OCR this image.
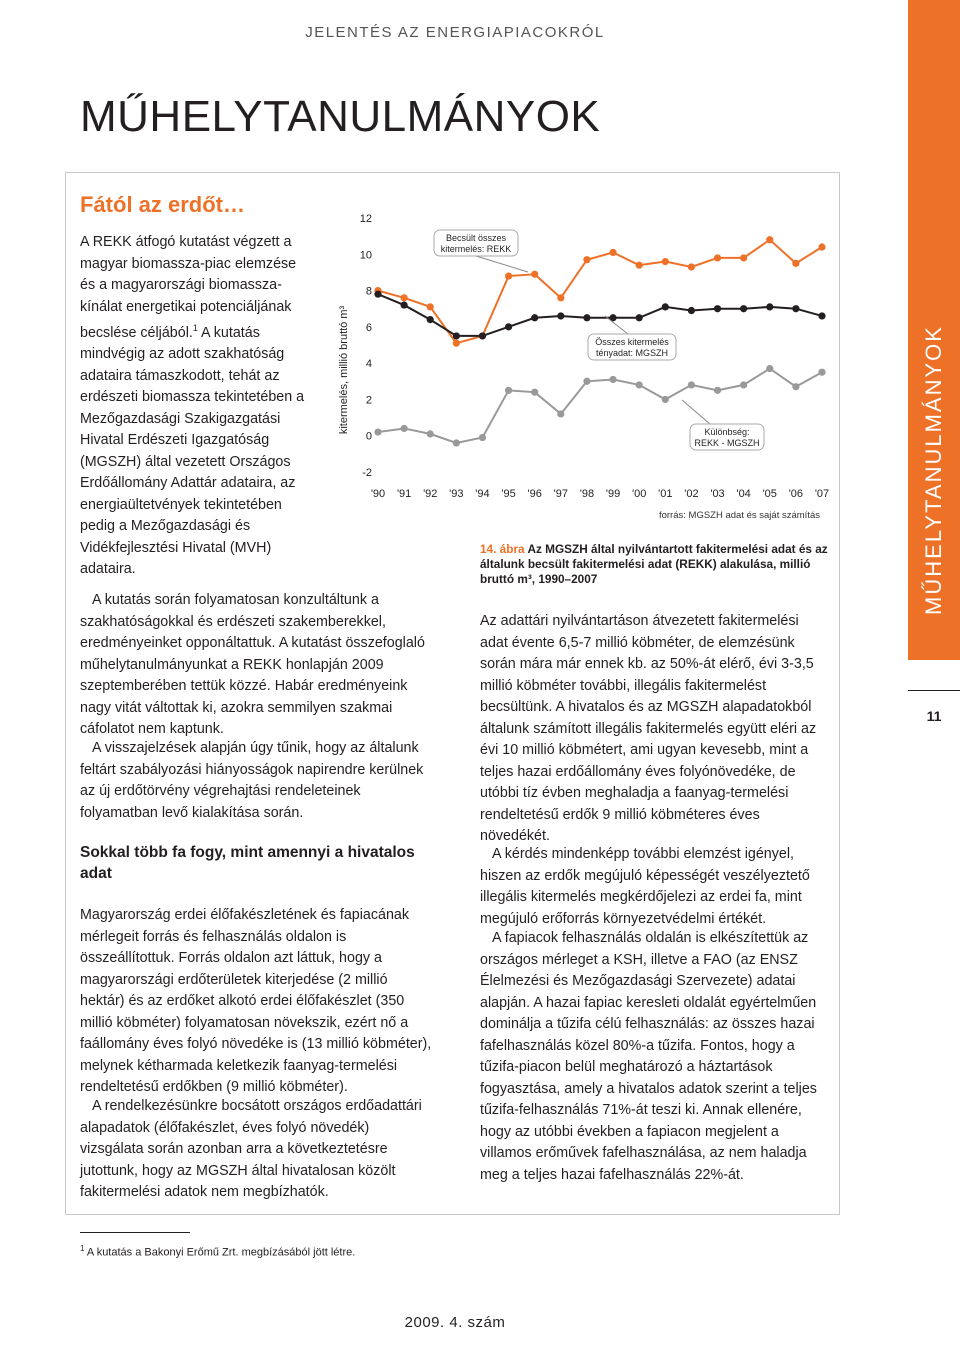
JELENTÉS AZ ENERGIAPIACOKRÓL
MŰHELYTANULMÁNYOK
11
MŰHELYTANULMÁNYOK
Fától az erdőt…

A REKK átfogó kutatást végzett a magyar biomassza-piac elemzése és a magyarországi biomassza-kínálat energetikai potenciáljának becslése céljából.$^1$ A kutatás mindvégig az adott szakhatóság adataira támaszkodott, tehát az erdészeti biomassza tekintetében a Mezőgazdasági Szakigazgatási Hivatal Erdészeti Igazgatóság (MGSZH) által vezetett Országos Erdőállomány Adattár adataira, az energiaültetvények tekintetében pedig a Mezőgazdasági és Vidékfejlesztési Hivatal (MVH) adataira.

A kutatás során folyamatosan konzultáltunk a szakhatóságokkal és erdészeti szakemberekkel, eredményeinket opponáltattuk. A kutatást összefoglaló műhelytanulmányunkat a REKK honlapján 2009 szeptemberében tettük közzé. Habár eredményeink nagy vitát váltottak ki, azokra semmilyen szakmai cáfolatot nem kaptunk.

A visszajelzések alapján úgy tűnik, hogy az általunk feltárt szabályozási hiányosságok napirendre kerülnek az új erdőtörvény végrehajtási rendeleteinek folyamatban levő kialakítása során.

Sokkal több fa fogy, mint amennyi a hivatalos adat

Magyarország erdei élőfakészletének és fapiacának mérlegeit forrás és felhasználás oldalon is összeállítottuk. Forrás oldalon azt láttuk, hogy a magyarországi erdőterületek kiterjedése (2 millió hektár) és az erdőket alkotó erdei élőfakészlet (350 millió köbméter) folyamatosan növekszik, ezért nő a faállomány éves folyó növedéke is (13 millió köbméter), melynek kétharmada keletkezik faanyag-termelési rendeltetésű erdőkben (9 millió köbméter).

A rendelkezésünkre bocsátott országos erdőadattári alapadatok (élőfakészlet, éves folyó növedék) vizsgálata során azonban arra a következtetésre jutottunk, hogy az MGSZH által hivatalosan közölt fakitermelési adatok nem megbízhatók.

12
10
8
6
4
2
0
-2
'90 '91 '92 '93 '94 '95 '96 '97 '98 '99 '00 '01 '02 '03 '04 '05 '06 '07
kitermelés, millió bruttó m³
Becsült összes kitermelés: REKK
Összes kitermelés tényadat: MGSZH
Különbség: REKK - MGSZH
forrás: MGSZH adat és saját számítás
14. ábra Az MGSZH által nyilvántartott fakitermelési adat és az általunk becsült fakitermelési adat (REKK) alakulása, millió bruttó m³, 1990–2007

Az adattári nyilvántartáson átvezetett fakitermelési adat évente 6,5-7 millió köbméter, de elemzésünk során mára már ennek kb. az 50%-át elérő, évi 3-3,5 millió köbméter további, illegális fakitermelést becsültünk. A hivatalos és az MGSZH alapadatokból általunk számított illegális fakitermelés együtt eléri az évi 10 millió köbmétert, ami ugyan kevesebb, mint a teljes hazai erdőállomány éves folyónövedéke, de utóbbi tíz évben meghaladja a faanyag-termelési rendeltetésű erdők 9 millió köbméteres éves növedékét.

A kérdés mindenképp további elemzést igényel, hiszen az erdők megújuló képességét veszélyeztető illegális kitermelés megkérdőjelezi az erdei fa, mint megújuló erőforrás környezetvédelmi értékét.

A fapiacok felhasználás oldalán is elkészítettük az országos mérleget a KSH, illetve a FAO (az ENSZ Élelmezési és Mezőgazdasági Szervezete) adatai alapján. A hazai fapiac keresleti oldalát egyértelműen dominálja a tűzifa célú felhasználás: az összes hazai fafelhasználás közel 80%-a tűzifa. Fontos, hogy a tűzifa-piacon belül meghatározó a háztartások fogyasztása, amely a hivatalos adatok szerint a teljes tűzifa-felhasználás 71%-át teszi ki. Annak ellenére, hogy az utóbbi években a fapiacon megjelent a villamos erőművek fafelhasználása, az nem haladja meg a teljes hazai fafelhasználás 22%-át.

$^1$ A kutatás a Bakonyi Erőmű Zrt. megbízásából jött létre.
2009. 4. szám
